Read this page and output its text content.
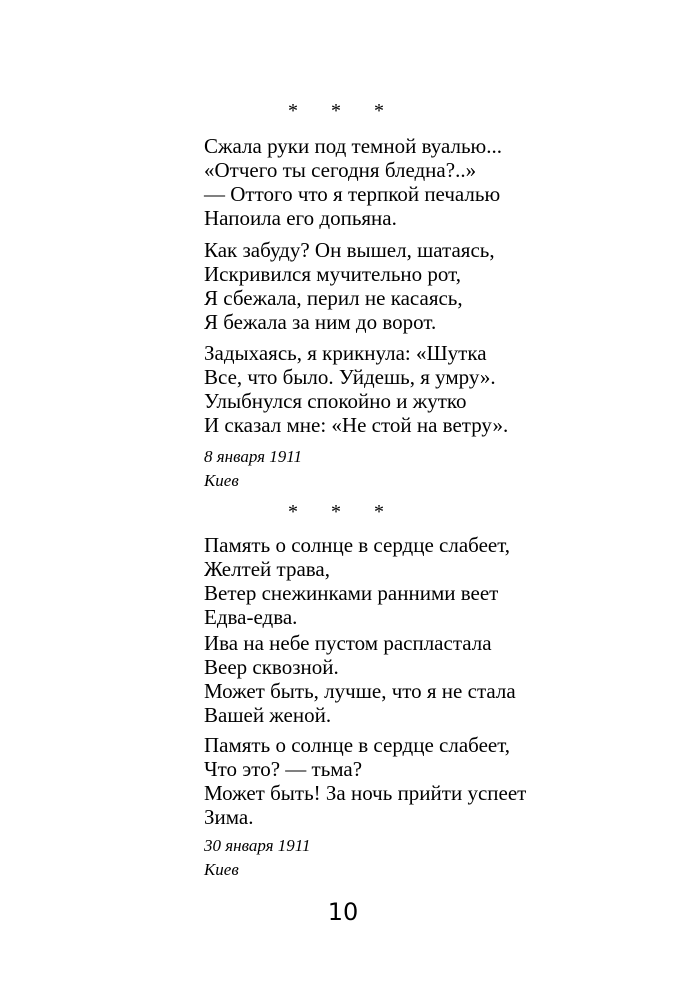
* * *
Сжала руки под темной вуалью...
«Отчего ты сегодня бледна?..»
— Оттого что я терпкой печалью
Напоила его допьяна.
Как забуду? Он вышел, шатаясь,
Искривился мучительно рот,
Я сбежала, перил не касаясь,
Я бежала за ним до ворот.
Задыхаясь, я крикнула: «Шутка
Все, что было. Уйдешь, я умру».
Улыбнулся спокойно и жутко
И сказал мне: «Не стой на ветру».
8 января 1911
Киев
* * *
Память о солнце в сердце слабеет,
Желтей трава,
Ветер снежинками ранними веет
Едва-едва.
Ива на небе пустом распластала
Веер сквозной.
Может быть, лучше, что я не стала
Вашей женой.
Память о солнце в сердце слабеет,
Что это? — тьма?
Может быть! За ночь прийти успеет
Зима.
30 января 1911
Киев
10
